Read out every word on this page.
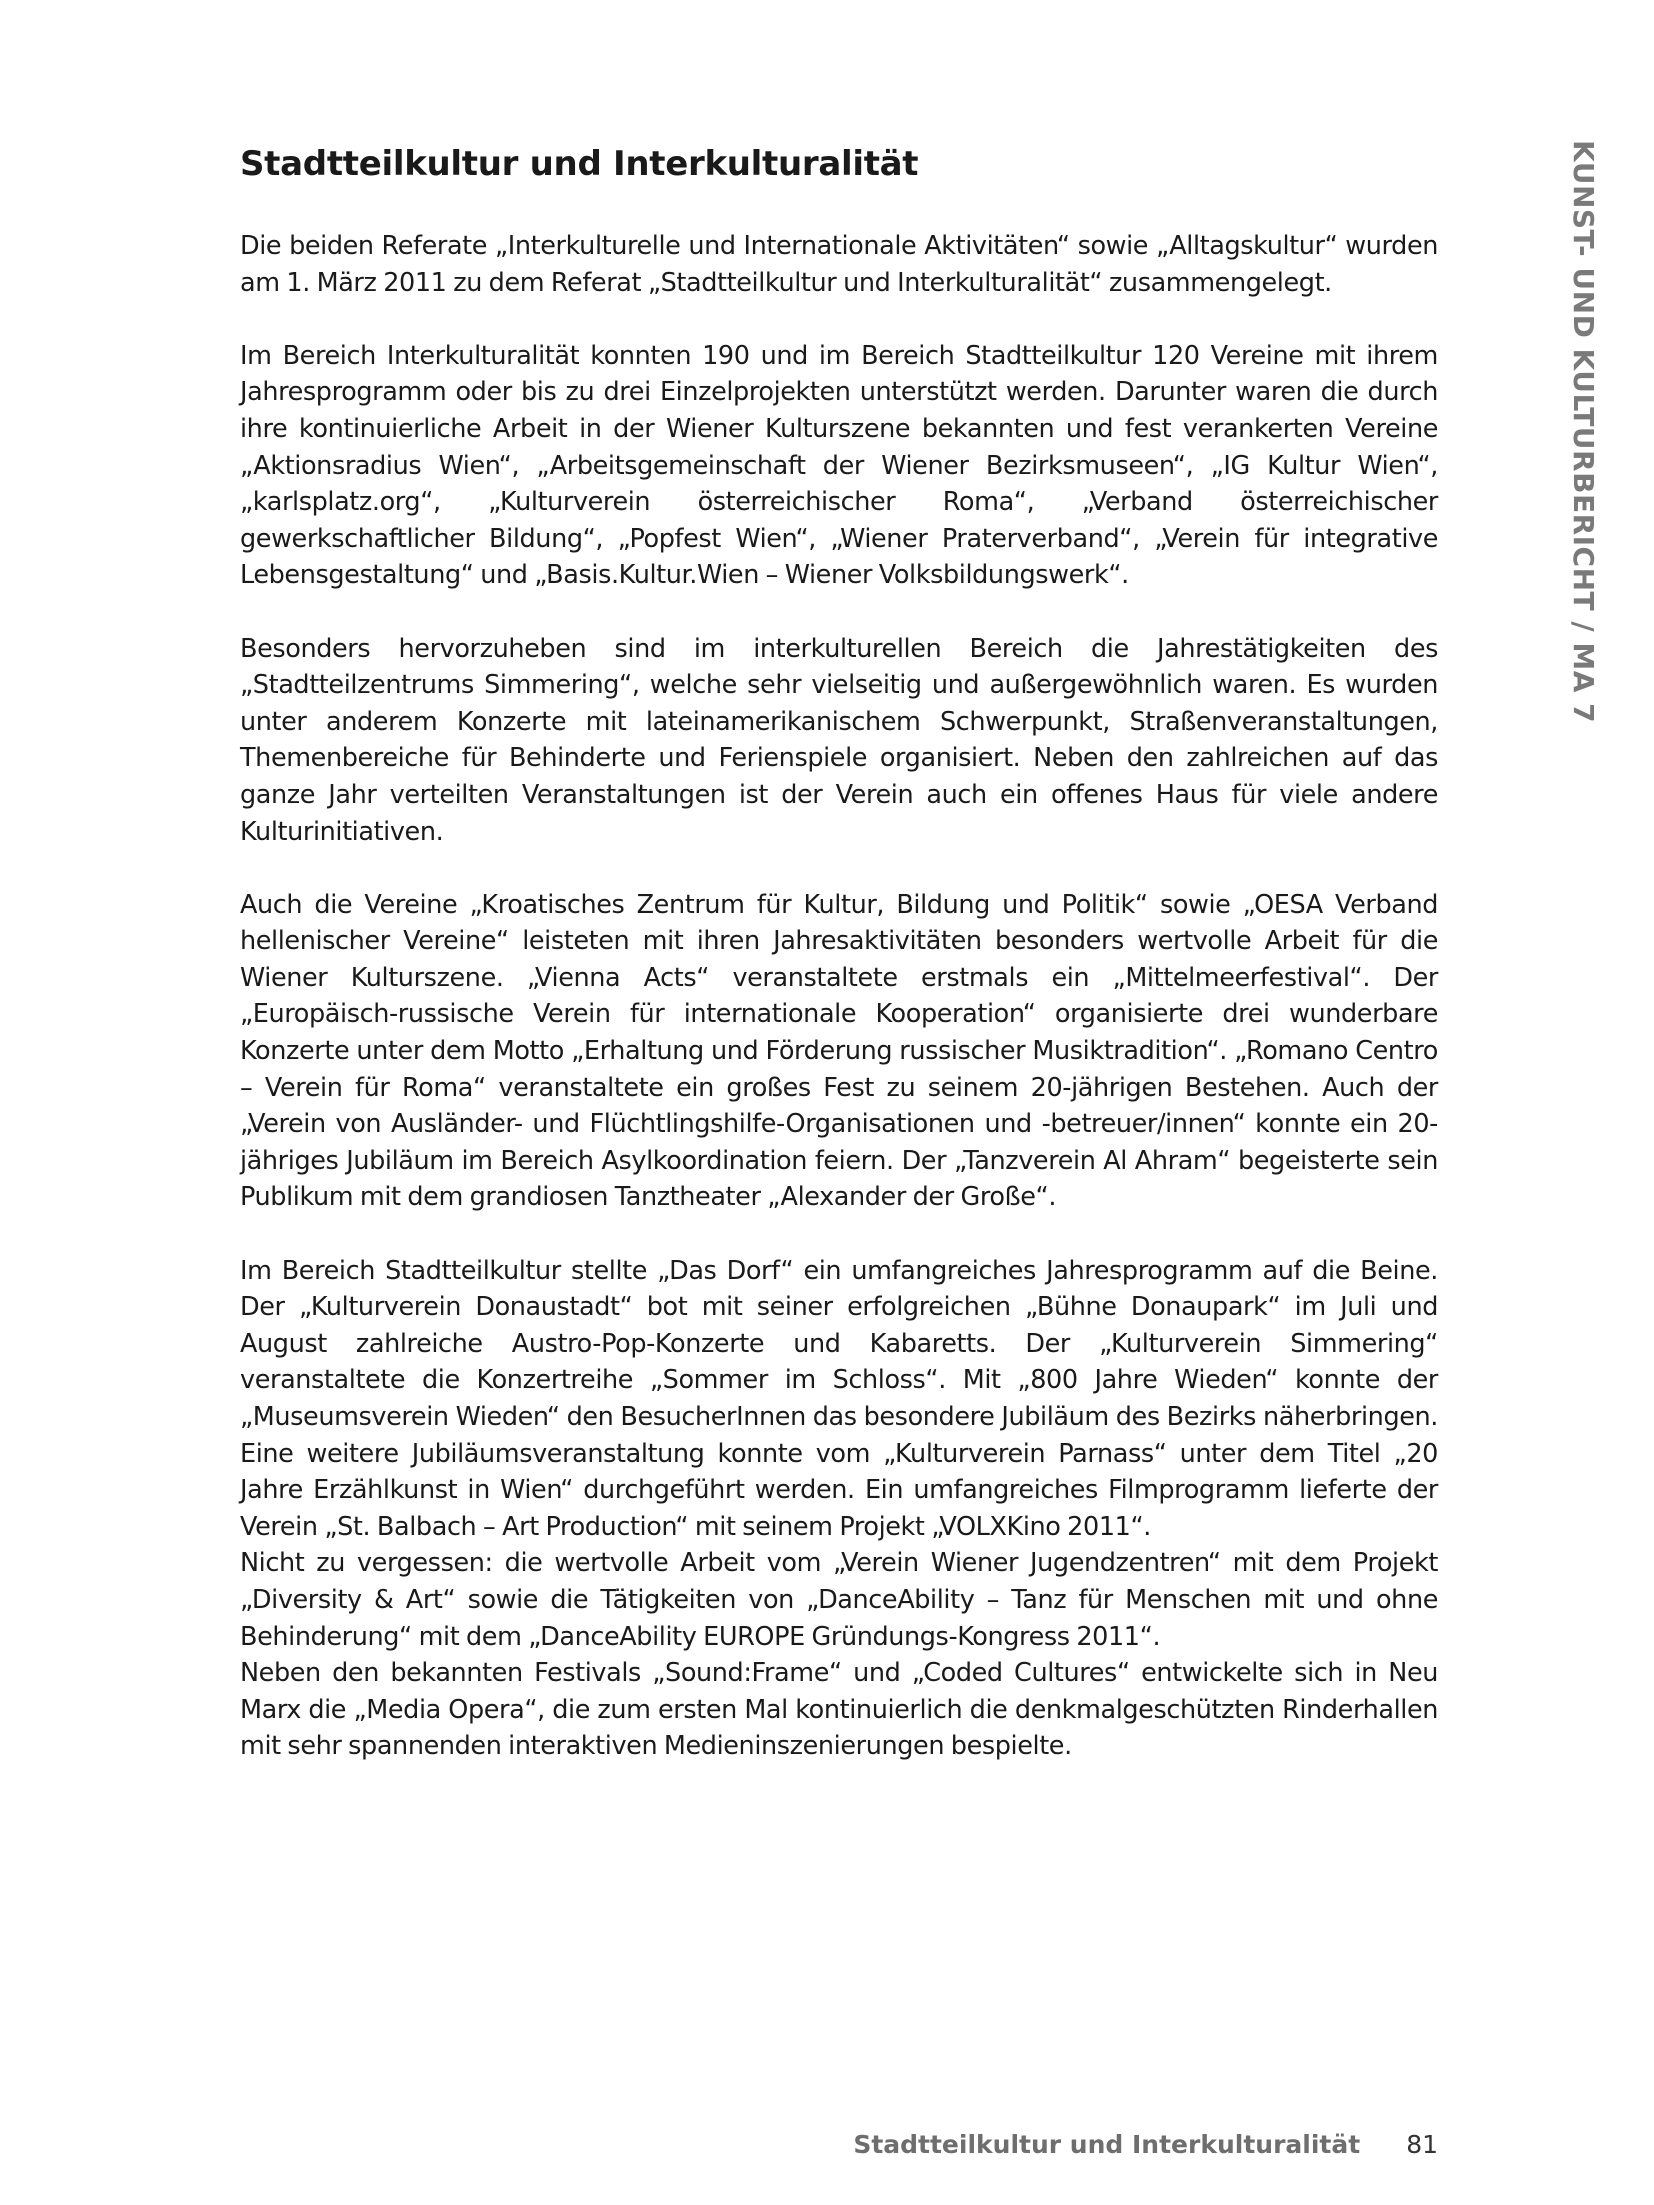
KUNST- UND KULTURBERICHT / MA 7
Stadtteilkultur und Interkulturalität

Die beiden Referate „Interkulturelle und Internationale Aktivitäten“ sowie „Alltagskultur“ wurden am 1. März 2011 zu dem Referat „Stadtteilkultur und Interkulturalität“ zusammengelegt.

Im Bereich Interkulturalität konnten 190 und im Bereich Stadtteilkultur 120 Vereine mit ihrem Jahresprogramm oder bis zu drei Einzelprojekten unterstützt werden. Darunter waren die durch ihre kontinuierliche Arbeit in der Wiener Kulturszene bekannten und fest verankerten Vereine „Aktionsradius Wien“, „Arbeitsgemeinschaft der Wiener Bezirksmuseen“, „IG Kultur Wien“, „karlsplatz.org“, „Kulturverein österreichischer Roma“, „Verband österreichischer gewerkschaftlicher Bildung“, „Popfest Wien“, „Wiener Praterverband“, „Verein für integrative Lebensgestaltung“ und „Basis.Kultur.Wien – Wiener Volksbildungswerk“.

Besonders hervorzuheben sind im interkulturellen Bereich die Jahrestätigkeiten des „Stadtteilzentrums Simmering“, welche sehr vielseitig und außergewöhnlich waren. Es wurden unter anderem Konzerte mit lateinamerikanischem Schwerpunkt, Straßenveranstaltungen, Themenbereiche für Behinderte und Ferienspiele organisiert. Neben den zahlreichen auf das ganze Jahr verteilten Veranstaltungen ist der Verein auch ein offenes Haus für viele andere Kulturinitiativen.

Auch die Vereine „Kroatisches Zentrum für Kultur, Bildung und Politik“ sowie „OESA Verband hellenischer Vereine“ leisteten mit ihren Jahresaktivitäten besonders wertvolle Arbeit für die Wiener Kulturszene. „Vienna Acts“ veranstaltete erstmals ein „Mittelmeerfestival“. Der „Europäisch-russische Verein für internationale Kooperation“ organisierte drei wunderbare Konzerte unter dem Motto „Erhaltung und Förderung russischer Musiktradition“. „Romano Centro – Verein für Roma“ veranstaltete ein großes Fest zu seinem 20-jährigen Bestehen. Auch der „Verein von Ausländer- und Flüchtlingshilfe-Organisationen und -betreuer/innen“ konnte ein 20-jähriges Jubiläum im Bereich Asylkoordination feiern. Der „Tanzverein Al Ahram“ begeisterte sein Publikum mit dem grandiosen Tanztheater „Alexander der Große“.

Im Bereich Stadtteilkultur stellte „Das Dorf“ ein umfangreiches Jahresprogramm auf die Beine. Der „Kulturverein Donaustadt“ bot mit seiner erfolgreichen „Bühne Donaupark“ im Juli und August zahlreiche Austro-Pop-Konzerte und Kabaretts. Der „Kulturverein Simmering“ veranstaltete die Konzertreihe „Sommer im Schloss“. Mit „800 Jahre Wieden“ konnte der „Museumsverein Wieden“ den BesucherInnen das besondere Jubiläum des Bezirks näherbringen. Eine weitere Jubiläumsveranstaltung konnte vom „Kulturverein Parnass“ unter dem Titel „20 Jahre Erzählkunst in Wien“ durchgeführt werden. Ein umfangreiches Filmprogramm lieferte der Verein „St. Balbach – Art Production“ mit seinem Projekt „VOLXKino 2011“.

Nicht zu vergessen: die wertvolle Arbeit vom „Verein Wiener Jugendzentren“ mit dem Projekt „Diversity & Art“ sowie die Tätigkeiten von „DanceAbility – Tanz für Menschen mit und ohne Behinderung“ mit dem „DanceAbility EUROPE Gründungs-Kongress 2011“.

Neben den bekannten Festivals „Sound:Frame“ und „Coded Cultures“ entwickelte sich in Neu Marx die „Media Opera“, die zum ersten Mal kontinuierlich die denkmalgeschützten Rinderhallen mit sehr spannenden interaktiven Medieninszenierungen bespielte.

Stadtteilkultur und Interkulturalität 81
